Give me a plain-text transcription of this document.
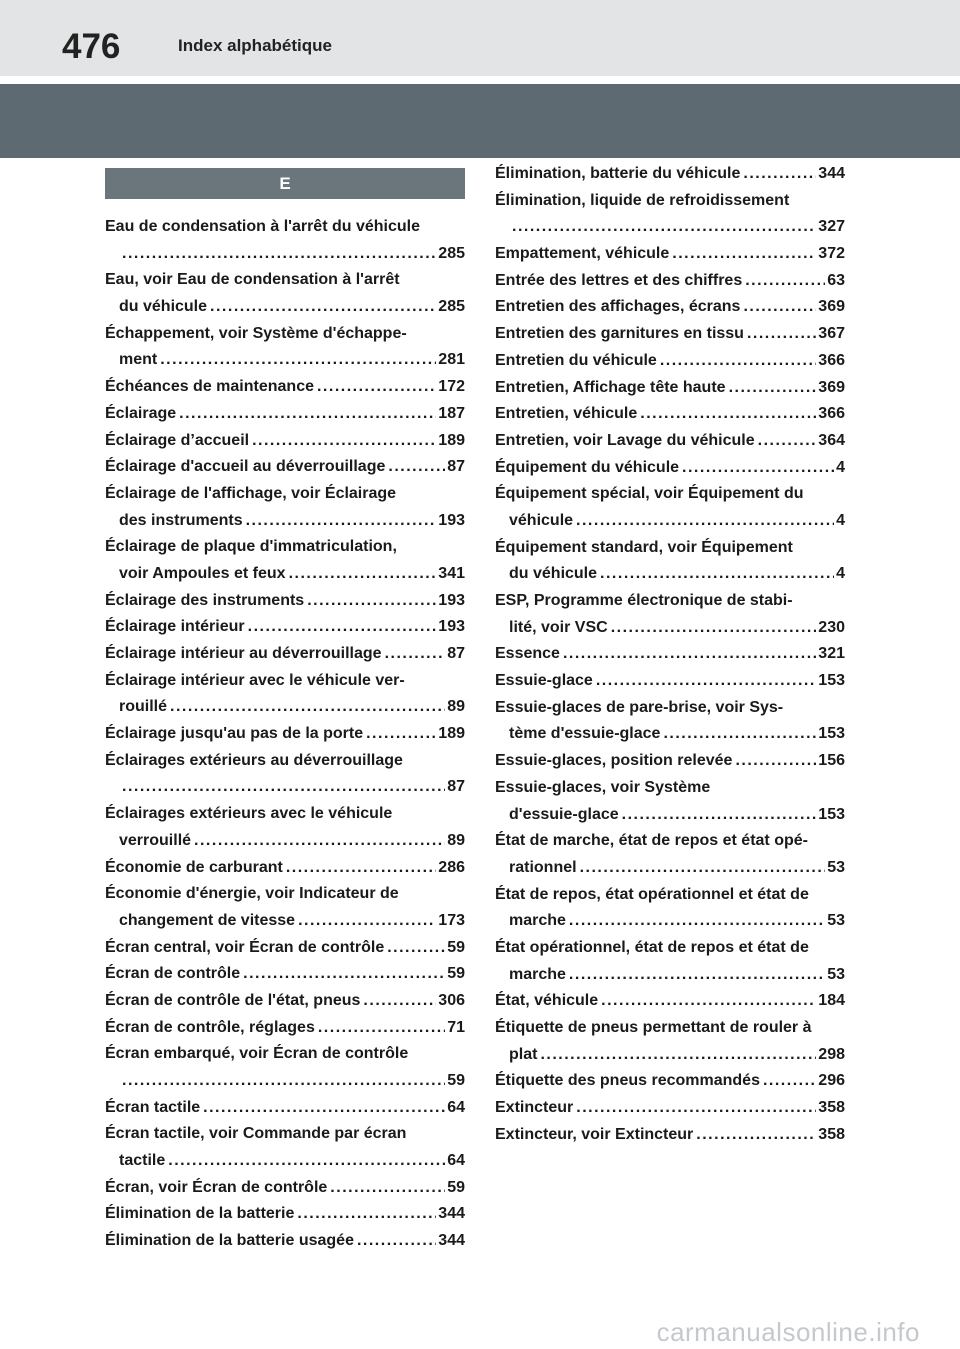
476	Index alphabétique
E
Eau de condensation à l'arrêt du véhicule
.....
285
Eau, voir Eau de condensation à l'arrêt
du véhicule .....	285
Échappement, voir Système d'échappe-
ment .....	281
Échéances de maintenance .....	172
Éclairage .....	187
Éclairage d’accueil .....	189
Éclairage d'accueil au déverrouillage .....	87
Éclairage de l'affichage, voir Éclairage
des instruments .....	193
Éclairage de plaque d'immatriculation,
voir Ampoules et feux .....	341
Éclairage des instruments .....	193
Éclairage intérieur .....	193
Éclairage intérieur au déverrouillage .....	87
Éclairage intérieur avec le véhicule ver-
rouillé .....	89
Éclairage jusqu'au pas de la porte .....	189
Éclairages extérieurs au déverrouillage
.....
87
Éclairages extérieurs avec le véhicule
verrouillé .....	89
Économie de carburant .....	286
Économie d'énergie, voir Indicateur de
changement de vitesse .....	173
Écran central, voir Écran de contrôle .....	59
Écran de contrôle .....	59
Écran de contrôle de l'état, pneus .....	306
Écran de contrôle, réglages .....	71
Écran embarqué, voir Écran de contrôle
.....
59
Écran tactile .....	64
Écran tactile, voir Commande par écran
tactile .....	64
Écran, voir Écran de contrôle .....	59
Élimination de la batterie .....	344
Élimination de la batterie usagée .....	344
Élimination, batterie du véhicule .....	344
Élimination, liquide de refroidissement
.....
327
Empattement, véhicule .....	372
Entrée des lettres et des chiffres .....	63
Entretien des affichages, écrans .....	369
Entretien des garnitures en tissu .....	367
Entretien du véhicule .....	366
Entretien, Affichage tête haute .....	369
Entretien, véhicule .....	366
Entretien, voir Lavage du véhicule .....	364
Équipement du véhicule .....	4
Équipement spécial, voir Équipement du
véhicule .....	4
Équipement standard, voir Équipement
du véhicule .....	4
ESP, Programme électronique de stabi-
lité, voir VSC .....	230
Essence .....	321
Essuie-glace .....	153
Essuie-glaces de pare-brise, voir Sys-
tème d'essuie-glace .....	153
Essuie-glaces, position relevée .....	156
Essuie-glaces, voir Système
d'essuie-glace .....	153
État de marche, état de repos et état opé-
rationnel .....	53
État de repos, état opérationnel et état de
marche .....	53
État opérationnel, état de repos et état de
marche .....	53
État, véhicule .....	184
Étiquette de pneus permettant de rouler à
plat .....	298
Étiquette des pneus recommandés .....	296
Extincteur .....	358
Extincteur, voir Extincteur .....	358
carmanualsonline.info
